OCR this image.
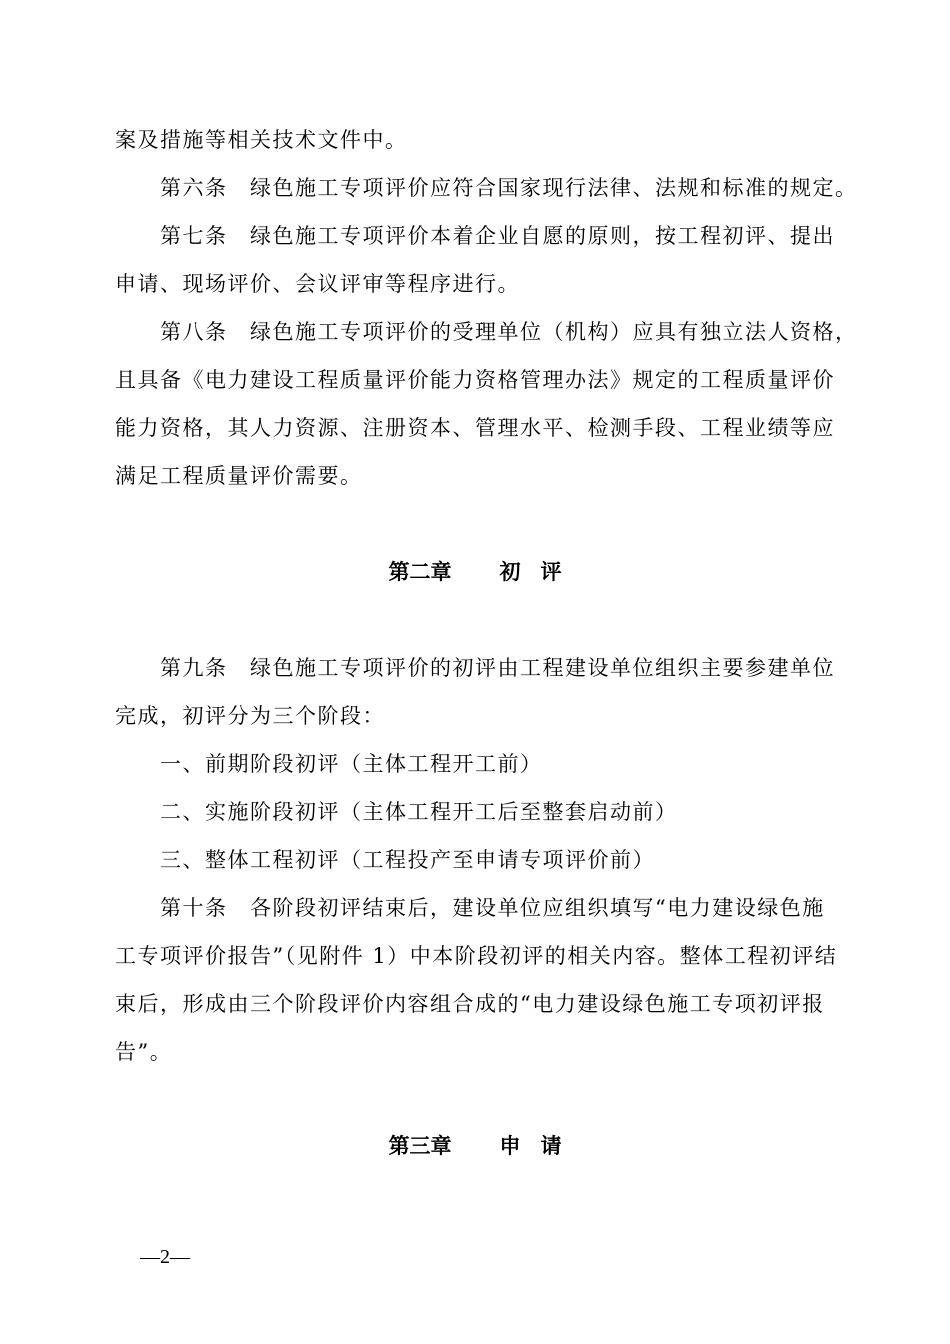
案及措施等相关技术文件中。
第六条　绿色施工专项评价应符合国家现行法律、法规和标准的规定。
第七条　绿色施工专项评价本着企业自愿的原则，按工程初评、提出
申请、现场评价、会议评审等程序进行。
第八条　绿色施工专项评价的受理单位（机构）应具有独立法人资格，
且具备《电力建设工程质量评价能力资格管理办法》规定的工程质量评价
能力资格，其人力资源、注册资本、管理水平、检测手段、工程业绩等应
满足工程质量评价需要。
第二章 初评
第九条　绿色施工专项评价的初评由工程建设单位组织主要参建单位
完成，初评分为三个阶段：
一、前期阶段初评（主体工程开工前）
二、实施阶段初评（主体工程开工后至整套启动前）
三、整体工程初评（工程投产至申请专项评价前）
第十条　各阶段初评结束后，建设单位应组织填写“电力建设绿色施
工专项评价报告”（见附件 1）中本阶段初评的相关内容。整体工程初评结
束后，形成由三个阶段评价内容组合成的“电力建设绿色施工专项初评报
告”。
第三章 申请
—2—
